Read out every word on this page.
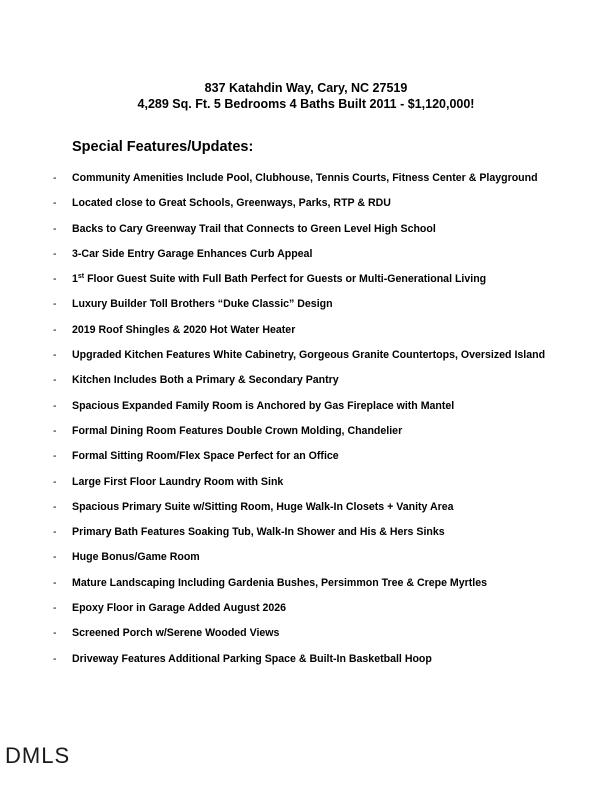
837 Katahdin Way, Cary, NC 27519
4,289 Sq. Ft. 5 Bedrooms 4 Baths Built 2011 - $1,120,000!
Special Features/Updates:
- Community Amenities Include Pool, Clubhouse, Tennis Courts, Fitness Center & Playground
- Located close to Great Schools, Greenways, Parks, RTP & RDU
- Backs to Cary Greenway Trail that Connects to Green Level High School
- 3-Car Side Entry Garage Enhances Curb Appeal
- 1st Floor Guest Suite with Full Bath Perfect for Guests or Multi-Generational Living
- Luxury Builder Toll Brothers “Duke Classic” Design
- 2019 Roof Shingles & 2020 Hot Water Heater
- Upgraded Kitchen Features White Cabinetry, Gorgeous Granite Countertops, Oversized Island
- Kitchen Includes Both a Primary & Secondary Pantry
- Spacious Expanded Family Room is Anchored by Gas Fireplace with Mantel
- Formal Dining Room Features Double Crown Molding, Chandelier
- Formal Sitting Room/Flex Space Perfect for an Office
- Large First Floor Laundry Room with Sink
- Spacious Primary Suite w/Sitting Room, Huge Walk-In Closets + Vanity Area
- Primary Bath Features Soaking Tub, Walk-In Shower and His & Hers Sinks
- Huge Bonus/Game Room
- Mature Landscaping Including Gardenia Bushes, Persimmon Tree & Crepe Myrtles
- Epoxy Floor in Garage Added August 2026
- Screened Porch w/Serene Wooded Views
- Driveway Features Additional Parking Space & Built-In Basketball Hoop
DMLS
